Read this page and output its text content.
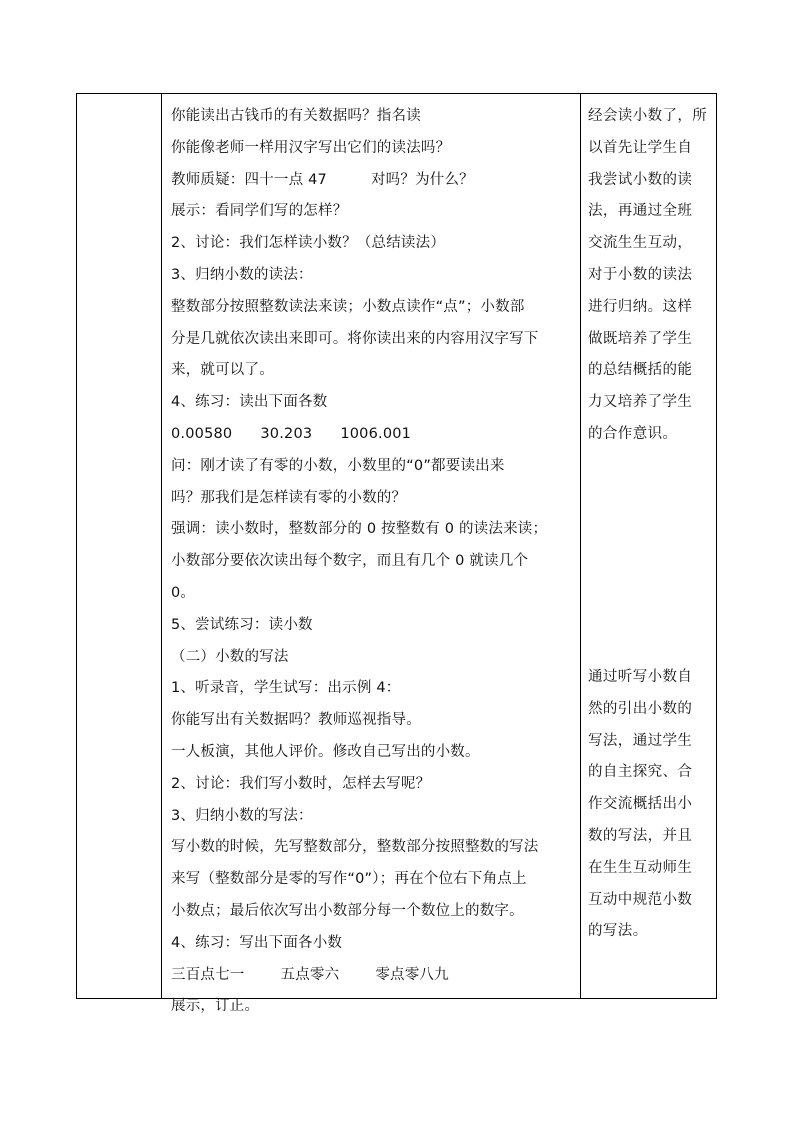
你能读出古钱币的有关数据吗？指名读
你能像老师一样用汉字写出它们的读法吗？
教师质疑：四十一点 47	对吗？为什么？
展示：看同学们写的怎样？
2、讨论：我们怎样读小数？（总结读法）
3、归纳小数的读法：
整数部分按照整数读法来读；小数点读作“点”；小数部
分是几就依次读出来即可。将你读出来的内容用汉字写下
来，就可以了。
4、练习：读出下面各数
0.00580 30.203 1006.001
问：刚才读了有零的小数，小数里的“0”都要读出来
吗？那我们是怎样读有零的小数的？
强调：读小数时，整数部分的 0 按整数有 0 的读法来读；
小数部分要依次读出每个数字，而且有几个 0 就读几个
0。
5、尝试练习：读小数
（二）小数的写法
1、听录音，学生试写：出示例 4：
你能写出有关数据吗？教师巡视指导。
一人板演，其他人评价。修改自己写出的小数。
2、讨论：我们写小数时，怎样去写呢？
3、归纳小数的写法：
写小数的时候，先写整数部分，整数部分按照整数的写法
来写（整数部分是零的写作“0”）；再在个位右下角点上
小数点；最后依次写出小数部分每一个数位上的数字。
4、练习：写出下面各小数
三百点七一 五点零六 零点零八九
展示，订正。
经会读小数了，所
以首先让学生自
我尝试小数的读
法，再通过全班
交流生生互动，
对于小数的读法
进行归纳。这样
做既培养了学生
的总结概括的能
力又培养了学生
的合作意识。
通过听写小数自
然的引出小数的
写法，通过学生
的自主探究、合
作交流概括出小
数的写法，并且
在生生互动师生
互动中规范小数
的写法。
